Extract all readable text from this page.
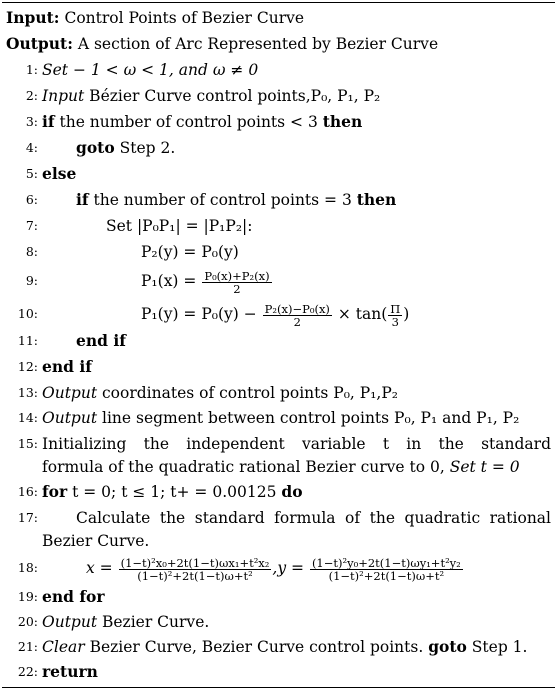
Input: Control Points of Bezier Curve
Output: A section of Arc Represented by Bezier Curve
1: Set − 1 < ω < 1, and ω ≠ 0
2: Input Bézier Curve control points,P₀, P₁, P₂
3: if the number of control points < 3 then
4: goto Step 2.
5: else
6: if the number of control points = 3 then
7:	Set |P₀P₁| = |P₁P₂|:
8:	P₂(y) = P₀(y)
9:	$P_1(x) = \frac{\text{P₀(x)+P₂(x)}}{2}$
10:	$P_1(y) = P_0(y) - \frac{\text{P₂(x)−P₀(x)}}{2} \times \tan( \frac{\Pi}{3}$ )
11: end if
12: end if
13: Output coordinates of control points P₀, P₁,P₂
14: Output line segment between control points P₀, P₁ and P₁, P₂
15: Initializing the independent variable t in the standard
formula of the quadratic rational Bezier curve to 0, Set t = 0
16: for t = 0; t ≤ 1; t+ = 0.00125 do
17: Calculate the standard formula of the quadratic rational
Bezier Curve.
18:	$x = \frac{\text{(1−t)²x₀+2t(1−t)ωx₁+t²x₂}}{\text{(1−t)²+2t(1−t)ω+t²}} ,y = \frac{\text{(1−t)²y₀+2t(1−t)ωy₁+t²y₂}}{\text{(1−t)²+2t(1−t)ω+t²}}$
19: end for
20: Output Bezier Curve.
21: Clear Bezier Curve, Bezier Curve control points. goto Step 1.
22: return
